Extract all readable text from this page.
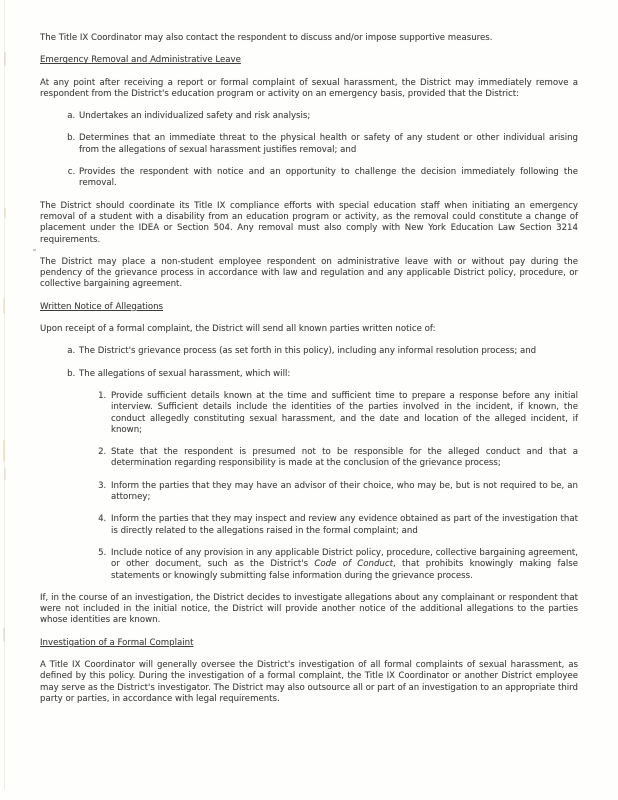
The Title IX Coordinator may also contact the respondent to discuss and/or impose supportive measures.

Emergency Removal and Administrative Leave

At any point after receiving a report or formal complaint of sexual harassment, the District may immediately remove a respondent from the District's education program or activity on an emergency basis, provided that the District:

a. Undertakes an individualized safety and risk analysis;
b. Determines that an immediate threat to the physical health or safety of any student or other individual arising from the allegations of sexual harassment justifies removal; and
c. Provides the respondent with notice and an opportunity to challenge the decision immediately following the removal.

The District should coordinate its Title IX compliance efforts with special education staff when initiating an emergency removal of a student with a disability from an education program or activity, as the removal could constitute a change of placement under the IDEA or Section 504. Any removal must also comply with New York Education Law Section 3214 requirements.

The District may place a non-student employee respondent on administrative leave with or without pay during the pendency of the grievance process in accordance with law and regulation and any applicable District policy, procedure, or collective bargaining agreement.

Written Notice of Allegations

Upon receipt of a formal complaint, the District will send all known parties written notice of:

a. The District's grievance process (as set forth in this policy), including any informal resolution process; and
b. The allegations of sexual harassment, which will:
1. Provide sufficient details known at the time and sufficient time to prepare a response before any initial interview. Sufficient details include the identities of the parties involved in the incident, if known, the conduct allegedly constituting sexual harassment, and the date and location of the alleged incident, if known;
2. State that the respondent is presumed not to be responsible for the alleged conduct and that a determination regarding responsibility is made at the conclusion of the grievance process;
3. Inform the parties that they may have an advisor of their choice, who may be, but is not required to be, an attorney;
4. Inform the parties that they may inspect and review any evidence obtained as part of the investigation that is directly related to the allegations raised in the formal complaint; and
5. Include notice of any provision in any applicable District policy, procedure, collective bargaining agreement, or other document, such as the District's Code of Conduct, that prohibits knowingly making false statements or knowingly submitting false information during the grievance process.

If, in the course of an investigation, the District decides to investigate allegations about any complainant or respondent that were not included in the initial notice, the District will provide another notice of the additional allegations to the parties whose identities are known.

Investigation of a Formal Complaint

A Title IX Coordinator will generally oversee the District's investigation of all formal complaints of sexual harassment, as defined by this policy. During the investigation of a formal complaint, the Title IX Coordinator or another District employee may serve as the District's investigator. The District may also outsource all or part of an investigation to an appropriate third party or parties, in accordance with legal requirements.
